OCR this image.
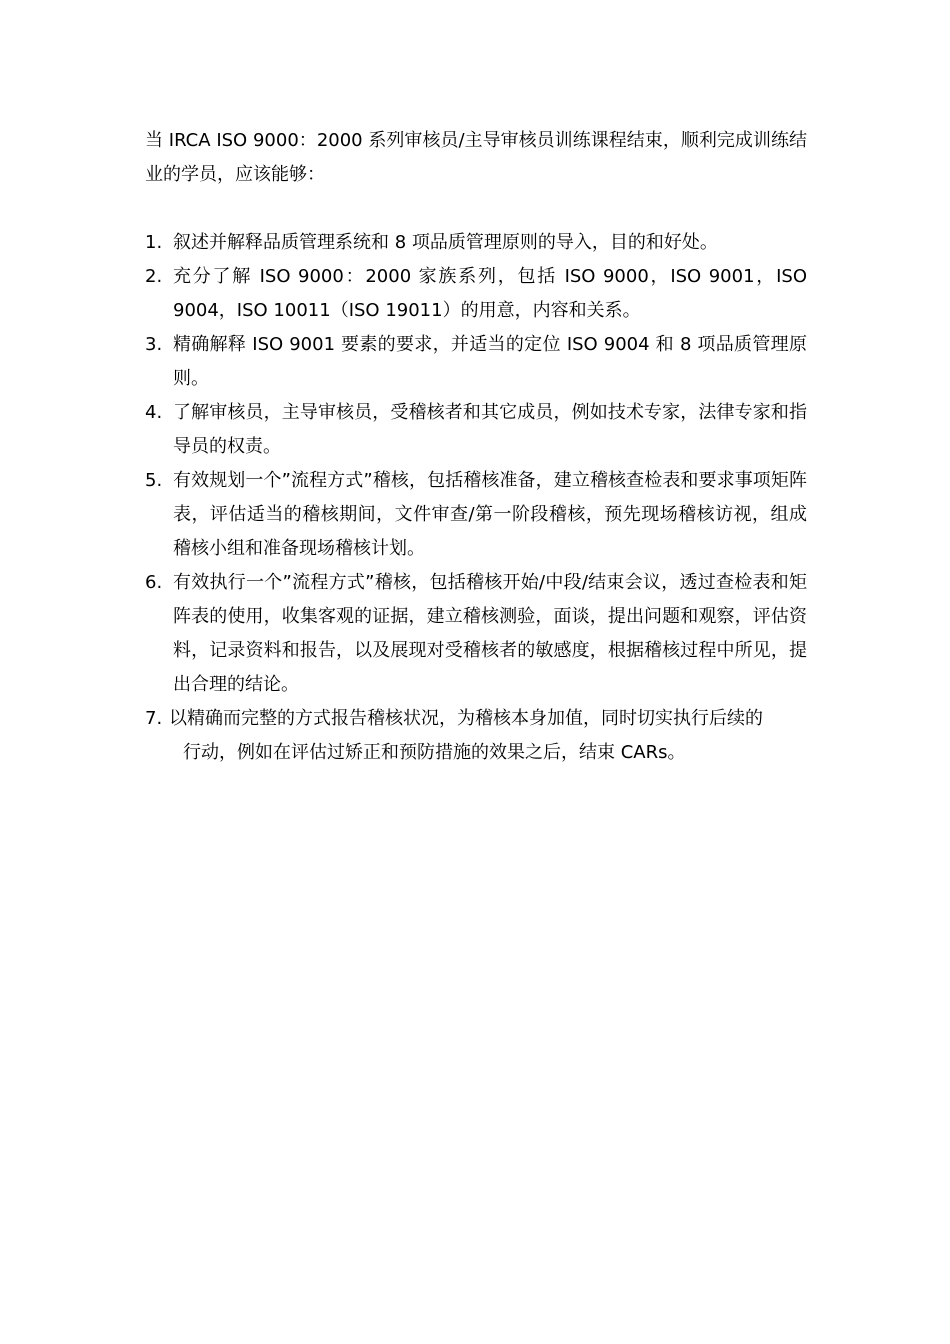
当 IRCA ISO 9000：2000 系列审核员/主导审核员训练课程结束，顺利完成训练结业的学员，应该能够：

1. 叙述并解释品质管理系统和 8 项品质管理原则的导入，目的和好处。
2. 充分了解 ISO 9000：2000 家族系列，包括 ISO 9000，ISO 9001，ISO 9004，ISO 10011（ISO 19011）的用意，内容和关系。
3. 精确解释 ISO 9001 要素的要求，并适当的定位 ISO 9004 和 8 项品质管理原则。
4. 了解审核员，主导审核员，受稽核者和其它成员，例如技术专家，法律专家和指导员的权责。
5. 有效规划一个”流程方式”稽核，包括稽核准备，建立稽核查检表和要求事项矩阵表，评估适当的稽核期间，文件审查/第一阶段稽核，预先现场稽核访视，组成稽核小组和准备现场稽核计划。
6. 有效执行一个”流程方式”稽核，包括稽核开始/中段/结束会议，透过查检表和矩阵表的使用，收集客观的证据，建立稽核测验，面谈，提出问题和观察，评估资料，记录资料和报告，以及展现对受稽核者的敏感度，根据稽核过程中所见，提出合理的结论。
7. 以精确而完整的方式报告稽核状况，为稽核本身加值，同时切实执行后续的
行动，例如在评估过矫正和预防措施的效果之后，结束 CARs。
